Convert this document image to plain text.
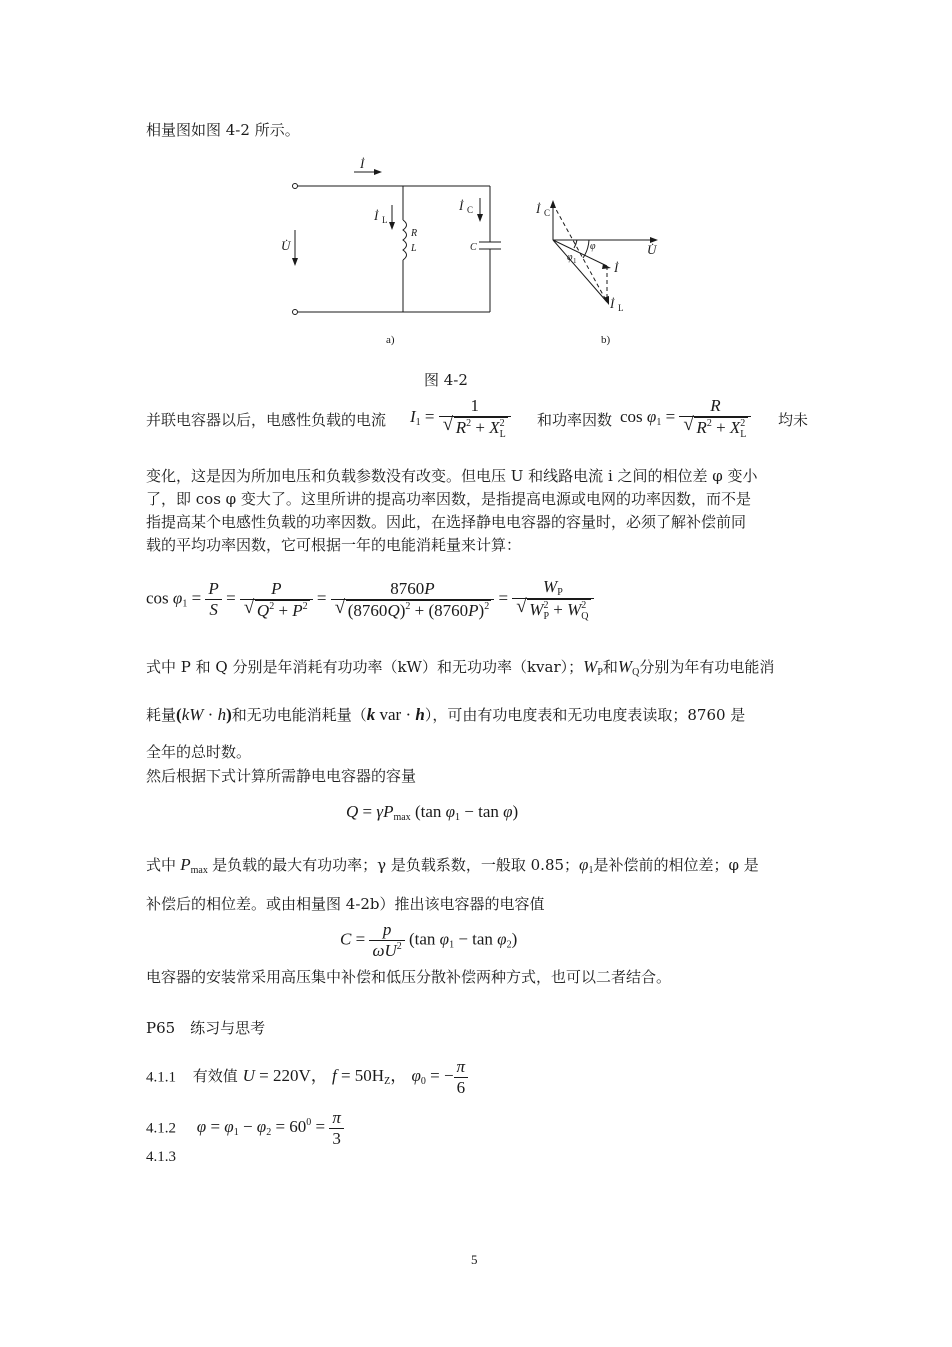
相量图如图 4-2 所示。
İ
U̇
İ L
İ C
R
L	C
İ C
U̇
İ
İ L
φ
φ 1
a)	b)
图 4-2
并联电容器以后，电感性负载的电流 $I_1$ =
1
√ $R^2 + X2$
L
和功率因数 $\cos \varphi_1$ =
R
√ $R^2 + X2$
L
均未
变化，这是因为所加电压和负载参数没有改变。但电压 U 和线路电流 i 之间的相位差 φ 变小
了，即 cos φ 变大了。这里所讲的提高功率因数，是指提高电源或电网的功率因数，而不是
指提高某个电感性负载的功率因数。因此，在选择静电电容器的容量时，必须了解补偿前同
载的平均功率因数，它可根据一年的电能消耗量来计算：
$\cos \varphi_1 = \frac{P}{S} = P$
√ $Q^2 + P^2 = 8760P$
√ $(8760Q)^2 + (8760P)^2$ =
$W_P$
√ W2
P + W2
Q
式中 P 和 Q 分别是年消耗有功功率（kW）和无功功率（kvar）；$W_P$和$W_Q$分别为年有功电能消
耗量(kW · h)和无功电能消耗量（k var · h），可由有功电度表和无功电度表读取；8760 是
全年的总时数。
然后根据下式计算所需静电电容器的容量
$Q = \gamma P_{max}$ (tan $\varphi_1 - \tan \varphi$)
式中 $P_{max}$ 是负载的最大有功功率；γ 是负载系数，一般取 0.85；$\varphi_1$是补偿前的相位差；φ 是
补偿后的相位差。或由相量图 4-2b）推出该电容器的电容值
$C = \frac{p}{\omega U^2} (\tan$ $\varphi_1 - \tan \varphi_2$)
电容器的安装常采用高压集中补偿和低压分散补偿两种方式，也可以二者结合。
P65　练习与思考
4.1.1 有效值 U = 220V， $f = 50H_Z$， $\varphi_0$ = − $\frac{\pi}{6}$
4.1.2 $\varphi = \varphi_1 - \varphi_2 = 60^0 = \frac{\pi}{3}$
4.1.3
5
